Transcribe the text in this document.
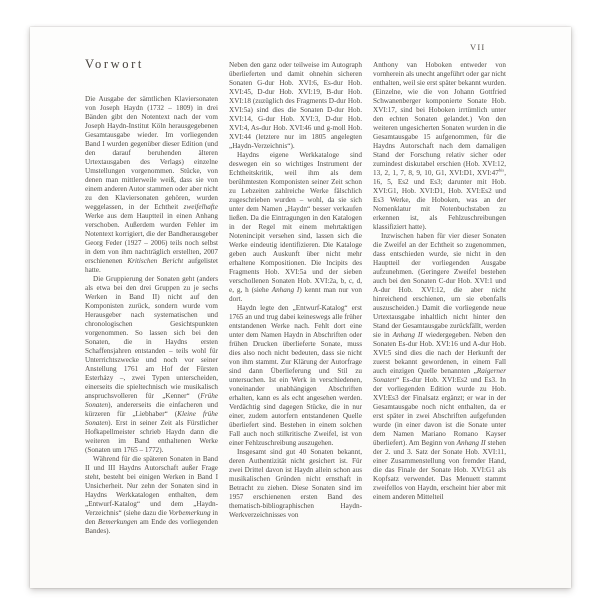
VII
Vorwort

Die Ausgabe der sämtlichen Klaviersonaten von Joseph Haydn (1732 – 1809) in drei Bänden gibt den Notentext nach der vom Joseph Haydn-Institut Köln herausgegebenen Gesamtausgabe wieder. Im vorliegenden Band I wurden gegenüber dieser Edition (und den darauf beruhenden älteren Urtextausgaben des Verlags) einzelne Umstellungen vorgenommen. Stücke, von denen man mittlerweile weiß, dass sie von einem anderen Autor stammen oder aber nicht zu den Klaviersonaten gehören, wurden weggelassen, in der Echtheit zweifelhafte Werke aus dem Hauptteil in einen Anhang verschoben. Außerdem wurden Fehler im Notentext korrigiert, die der Bandherausgeber Georg Feder (1927 – 2006) teils noch selbst in dem von ihm nachträglich erstellten, 2007 erschienenen Kritischen Bericht aufgelistet hatte.

Die Gruppierung der Sonaten geht (anders als etwa bei den drei Gruppen zu je sechs Werken in Band II) nicht auf den Komponisten zurück, sondern wurde vom Herausgeber nach systematischen und chronologischen Gesichtspunkten vorgenommen. So lassen sich bei den Sonaten, die in Haydns ersten Schaffensjahren entstanden – teils wohl für Unterrichtszwecke und noch vor seiner Anstellung 1761 am Hof der Fürsten Esterházy –, zwei Typen unterscheiden, einerseits die spieltechnisch wie musikalisch anspruchsvolleren für „Kenner“ (Frühe Sonaten), andererseits die einfacheren und kürzeren für „Liebhaber“ (Kleine frühe Sonaten). Erst in seiner Zeit als Fürstlicher Hofkapellmeister schrieb Haydn dann die weiteren im Band enthaltenen Werke (Sonaten um 1765 – 1772).

Während für die späteren Sonaten in Band II und III Haydns Autorschaft außer Frage steht, besteht bei einigen Werken in Band I Unsicherheit. Nur zehn der Sonaten sind in Haydns Werkkatalogen enthalten, dem „Entwurf-Katalog“ und dem „Haydn-Verzeichnis“ (siehe dazu die Vorbemerkung in den Bemerkungen am Ende des vorliegenden Bandes).

Neben den ganz oder teilweise im Autograph überlieferten und damit ohnehin sicheren Sonaten G-dur Hob. XVI:6, Es-dur Hob. XVI:45, D-dur Hob. XVI:19, B-dur Hob. XVI:18 (zuzüglich des Fragments D-dur Hob. XVI:5a) sind dies die Sonaten D-dur Hob. XVI:14, G-dur Hob. XVI:3, D-dur Hob. XVI:4, As-dur Hob. XVI:46 und g-moll Hob. XVI:44 (letztere nur im 1805 angelegten „Haydn-Verzeichnis“).

Haydns eigene Werkkataloge sind deswegen ein so wichtiges Instrument der Echtheitskritik, weil ihm als dem berühmtesten Komponisten seiner Zeit schon zu Lebzeiten zahlreiche Werke fälschlich zugeschrieben wurden – wohl, da sie sich unter dem Namen „Haydn“ besser verkaufen ließen. Da die Eintragungen in den Katalogen in der Regel mit einem mehrtaktigen Notenincipit versehen sind, lassen sich die Werke eindeutig identifizieren. Die Kataloge geben auch Auskunft über nicht mehr erhaltene Kompositionen. Die Incipits des Fragments Hob. XVI:5a und der sieben verschollenen Sonaten Hob. XVI:2a, b, c, d, e, g, h (siehe Anhang I) kennt man nur von dort.

Haydn legte den „Entwurf-Katalog“ erst 1765 an und trug dabei keineswegs alle früher entstandenen Werke nach. Fehlt dort eine unter dem Namen Haydn in Abschriften oder frühen Drucken überlieferte Sonate, muss dies also noch nicht bedeuten, dass sie nicht von ihm stammt. Zur Klärung der Autorfrage sind dann Überlieferung und Stil zu untersuchen. Ist ein Werk in verschiedenen, voneinander unabhängigen Abschriften erhalten, kann es als echt angesehen werden. Verdächtig sind dagegen Stücke, die in nur einer, zudem autorfern entstandenen Quelle überliefert sind. Bestehen in einem solchen Fall auch noch stilkritische Zweifel, ist von einer Fehlzuschreibung auszugehen.

Insgesamt sind gut 40 Sonaten bekannt, deren Authentizität nicht gesichert ist. Für zwei Drittel davon ist Haydn allein schon aus musikalischen Gründen nicht ernsthaft in Betracht zu ziehen. Diese Sonaten sind im 1957 erschienenen ersten Band des thematisch-bibliographischen Haydn-Werkverzeichnisses von

Anthony van Hoboken entweder von vornherein als unecht angeführt oder gar nicht enthalten, weil sie erst später bekannt wurden. (Einzelne, wie die von Johann Gottfried Schwanenberger komponierte Sonate Hob. XVI:17, sind bei Hoboken irrtümlich unter den echten Sonaten gelandet.) Von den weiteren ungesicherten Sonaten wurden in die Gesamtausgabe 15 aufgenommen, für die Haydns Autorschaft nach dem damaligen Stand der Forschung relativ sicher oder zumindest diskutabel erschien (Hob. XVI:12, 13, 2, 1, 7, 8, 9, 10, G1, XVI:D1, $XVI:47^{bis}$, 16, 5, Es2 und Es3; darunter mit Hob. XVI:G1, Hob. XVI:D1, Hob. XVI:Es2 und Es3 Werke, die Hoboken, was an der Nomenklatur mit Notenbuchstaben zu erkennen ist, als Fehlzuschreibungen klassifiziert hatte).

Inzwischen haben für vier dieser Sonaten die Zweifel an der Echtheit so zugenommen, dass entschieden wurde, sie nicht in den Hauptteil der vorliegenden Ausgabe aufzunehmen. (Geringere Zweifel bestehen auch bei den Sonaten C-dur Hob. XVI:1 und A-dur Hob. XVI:12, die aber nicht hinreichend erschienen, um sie ebenfalls auszuscheiden.) Damit die vorliegende neue Urtextausgabe inhaltlich nicht hinter den Stand der Gesamtausgabe zurückfällt, werden sie in Anhang II wiedergegeben. Neben den Sonaten Es-dur Hob. XVI:16 und A-dur Hob. XVI:5 sind dies die nach der Herkunft der zuerst bekannt gewordenen, in einem Fall auch einzigen Quelle benannten „Raigerner Sonaten“ Es-dur Hob. XVI:Es2 und Es3. In der vorliegenden Edition wurde zu Hob. XVI:Es3 der Finalsatz ergänzt; er war in der Gesamtausgabe noch nicht enthalten, da er erst später in zwei Abschriften aufgefunden wurde (in einer davon ist die Sonate unter dem Namen Mariano Romano Kayser überliefert). Am Beginn von Anhang II stehen der 2. und 3. Satz der Sonate Hob. XVI:11, einer Zusammenstellung von fremder Hand, die das Finale der Sonate Hob. XVI:G1 als Kopfsatz verwendet. Das Menuett stammt zweifellos von Haydn, erscheint hier aber mit einem anderen Mittelteil
